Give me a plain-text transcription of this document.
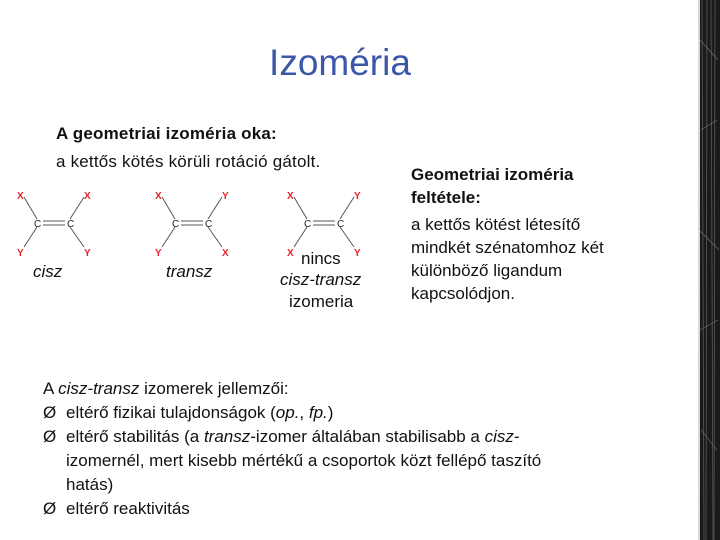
Izoméria
A geometriai izoméria oka:
a kettős kötés körüli rotáció gátolt.
X	X
C	C
Y	Y
cisz
X	Y
C	C
Y	X
transz
X	Y
C	C
X	Y
nincs
cisz-transz
izomeria
Geometriai izoméria
feltétele:
a kettős kötést létesítő
mindkét szénatomhoz két
különböző ligandum
kapcsolódjon.
A cisz-transz izomerek jellemzői:
Ø eltérő fizikai tulajdonságok (op., fp.)
Ø eltérő stabilitás (a transz-izomer általában stabilisabb a cisz-
izomernél, mert kisebb mértékű a csoportok közt fellépő taszító
hatás)
Ø eltérő reaktivitás
